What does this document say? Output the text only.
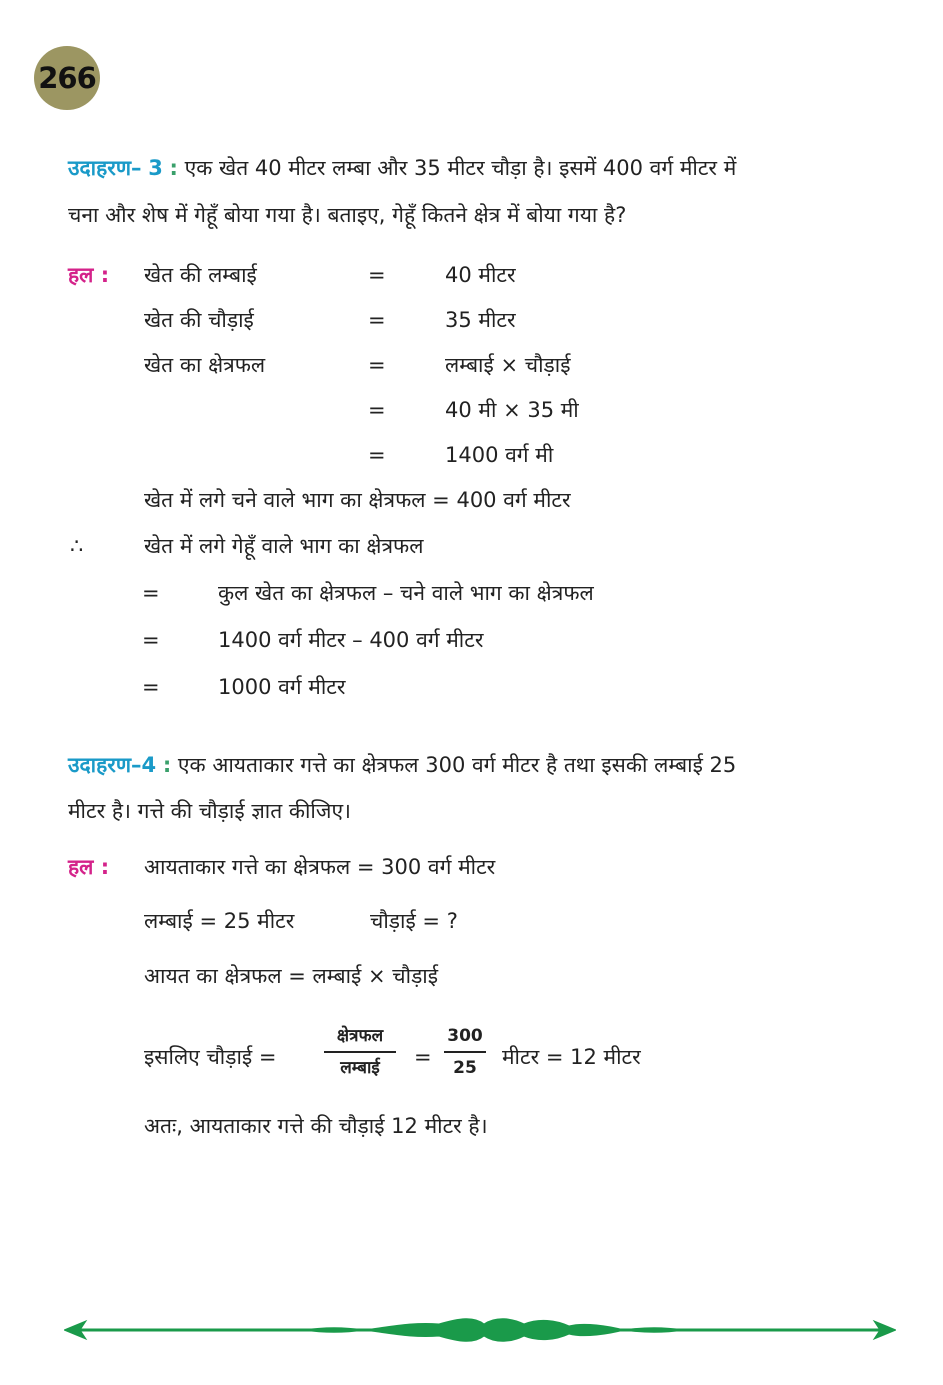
266
उदाहरण– 3 : एक खेत 40 मीटर लम्बा और 35 मीटर चौड़ा है। इसमें 400 वर्ग मीटर में
चना और शेष में गेहूँ बोया गया है। बताइए, गेहूँ कितने क्षेत्र में बोया गया है?
हल : खेत की लम्बाई	=	40 मीटर
खेत की चौड़ाई	=	35 मीटर
खेत का क्षेत्रफल	=	लम्बाई × चौड़ाई
=	40 मी × 35 मी
=	1400 वर्ग मी
खेत में लगे चने वाले भाग का क्षेत्रफल = 400 वर्ग मीटर
∴	खेत में लगे गेहूँ वाले भाग का क्षेत्रफल
=	कुल खेत का क्षेत्रफल – चने वाले भाग का क्षेत्रफल
=	1400 वर्ग मीटर – 400 वर्ग मीटर
=	1000 वर्ग मीटर
उदाहरण–4 : एक आयताकार गत्ते का क्षेत्रफल 300 वर्ग मीटर है तथा इसकी लम्बाई 25
मीटर है। गत्ते की चौड़ाई ज्ञात कीजिए।
हल : आयताकार गत्ते का क्षेत्रफल = 300 वर्ग मीटर
लम्बाई = 25 मीटर	चौड़ाई = ?
आयत का क्षेत्रफल = लम्बाई × चौड़ाई
इसलिए चौड़ाई =
क्षेत्रफल
लम्बाई	=
300
25	मीटर = 12 मीटर
अतः, आयताकार गत्ते की चौड़ाई 12 मीटर है।
